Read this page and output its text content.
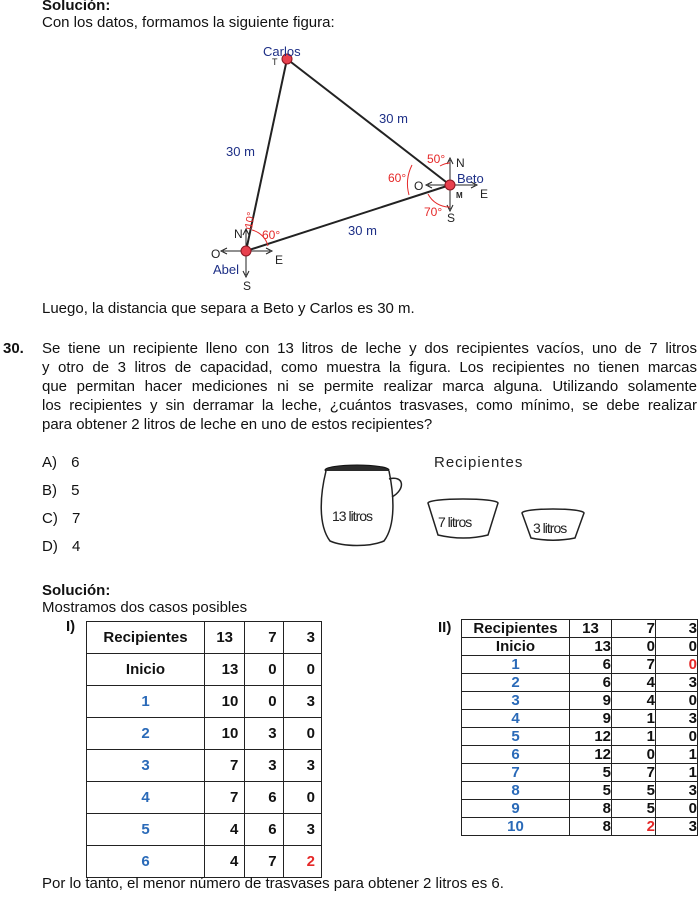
Solución:
Con los datos, formamos la siguiente figura:
Carlos
T
Beto
M
Abel
30 m
30 m
30 m
50°
60°
70°
60°
10°
N
S
E
O
N
S
E
O
Luego, la distancia que separa a Beto y Carlos es 30 m.
30. Se tiene un recipiente lleno con 13 litros de leche y dos recipientes vacíos, uno de 7 litros
y otro de 3 litros de capacidad, como muestra la figura. Los recipientes no tienen marcas
que permitan hacer mediciones ni se permite realizar marca alguna. Utilizando solamente
los recipientes y sin derramar la leche, ¿cuántos trasvases, como mínimo, se debe realizar
para obtener 2 litros de leche en uno de estos recipientes?
A) 6
B) 5
C) 7
D) 4
Recipientes
13 litros	7 litros	3 litros
Solución:
Mostramos dos casos posibles
I)	II)
Recipientes	13	7	3
Inicio	13	0	0
1	10	0	3
2	10	3	0
3	7	3	3
4	7	6	0
5	4	6	3
6	4	7	2
Recipientes	13	7	3
Inicio	13	0	0
1	6	7	0
2	6	4	3
3	9	4	0
4	9	1	3
5	12	1	0
6	12	0	1
7	5	7	1
8	5	5	3
9	8	5	0
10	8	2	3
Por lo tanto, el menor número de trasvases para obtener 2 litros es 6.
